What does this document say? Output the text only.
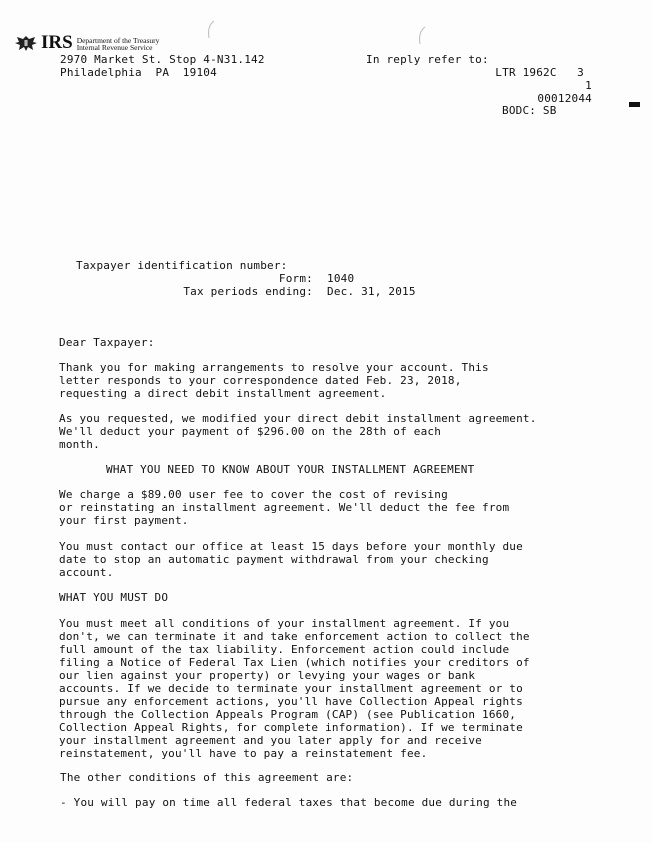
IRS Department of the Treasury
Internal Revenue Service
2970 Market St. Stop 4-N31.142
Philadelphia  PA  19104
In reply refer to:
LTR 1962C   3
1
00012044
BODC: SB
Taxpayer identification number:
Form: 1040
Tax periods ending: Dec. 31, 2015
Dear Taxpayer:
Thank you for making arrangements to resolve your account. This
letter responds to your correspondence dated Feb. 23, 2018,
requesting a direct debit installment agreement.
As you requested, we modified your direct debit installment agreement.
We'll deduct your payment of $296.00 on the 28th of each
month.
WHAT YOU NEED TO KNOW ABOUT YOUR INSTALLMENT AGREEMENT
We charge a $89.00 user fee to cover the cost of revising
or reinstating an installment agreement. We'll deduct the fee from
your first payment.
You must contact our office at least 15 days before your monthly due
date to stop an automatic payment withdrawal from your checking
account.
WHAT YOU MUST DO
You must meet all conditions of your installment agreement. If you
don't, we can terminate it and take enforcement action to collect the
full amount of the tax liability. Enforcement action could include
filing a Notice of Federal Tax Lien (which notifies your creditors of
our lien against your property) or levying your wages or bank
accounts. If we decide to terminate your installment agreement or to
pursue any enforcement actions, you'll have Collection Appeal rights
through the Collection Appeals Program (CAP) (see Publication 1660,
Collection Appeal Rights, for complete information). If we terminate
your installment agreement and you later apply for and receive
reinstatement, you'll have to pay a reinstatement fee.
The other conditions of this agreement are:
- You will pay on time all federal taxes that become due during the
